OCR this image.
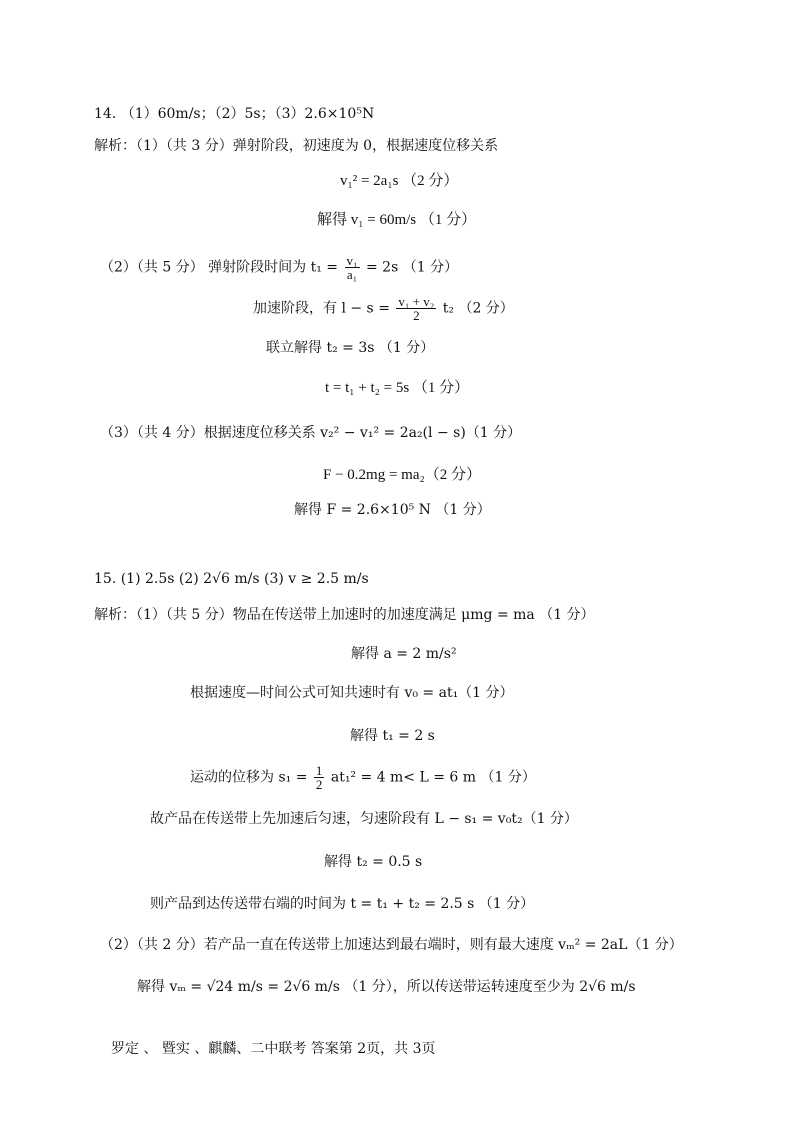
14. （1）60m/s；（2）5s；（3）2.6×10⁵N
解析：（1）（共 3 分）弹射阶段，初速度为 0，根据速度位移关系
v₁² = 2a₁s （2 分）
解得 v₁ = 60m/s （1 分）
（2）（共 5 分） 弹射阶段时间为 $t_1 = \frac{\text{v₁}}{\text{a₁}} = 2s$ （1 分）
加速阶段，有 $l - s = \frac{\text{v₁ + v₂}}{2} t_2$ （2 分）
联立解得 t₂ = 3s （1 分）
t = t₁ + t₂ = 5s （1 分）
（3）（共 4 分）根据速度位移关系 v₂² − v₁² = 2a₂(l − s)（1 分）
F − 0.2mg = ma₂（2 分）
解得 F = 2.6×10⁵ N （1 分）
15. (1) 2.5s (2) 2√6 m/s (3) v ≥ 2.5 m/s
解析：（1）（共 5 分）物品在传送带上加速时的加速度满足 μmg = ma （1 分）
解得 a = 2 m/s²
根据速度—时间公式可知共速时有 v₀ = at₁（1 分）
解得 t₁ = 2 s
运动的位移为 $s_1 = \frac{1}{2} at_1^2 = 4$ m< L = 6 m （1 分）
故产品在传送带上先加速后匀速，匀速阶段有 L − s₁ = v₀t₂（1 分）
解得 t₂ = 0.5 s
则产品到达传送带右端的时间为 t = t₁ + t₂ = 2.5 s （1 分）
（2）（共 2 分）若产品一直在传送带上加速达到最右端时，则有最大速度 vₘ² = 2aL（1 分）
解得 vₘ = √24 m/s = 2√6 m/s （1 分），所以传送带运转速度至少为 2√6 m/s
罗定 、 暨实 、麒麟、二中联考 答案第 2页，共 3页
